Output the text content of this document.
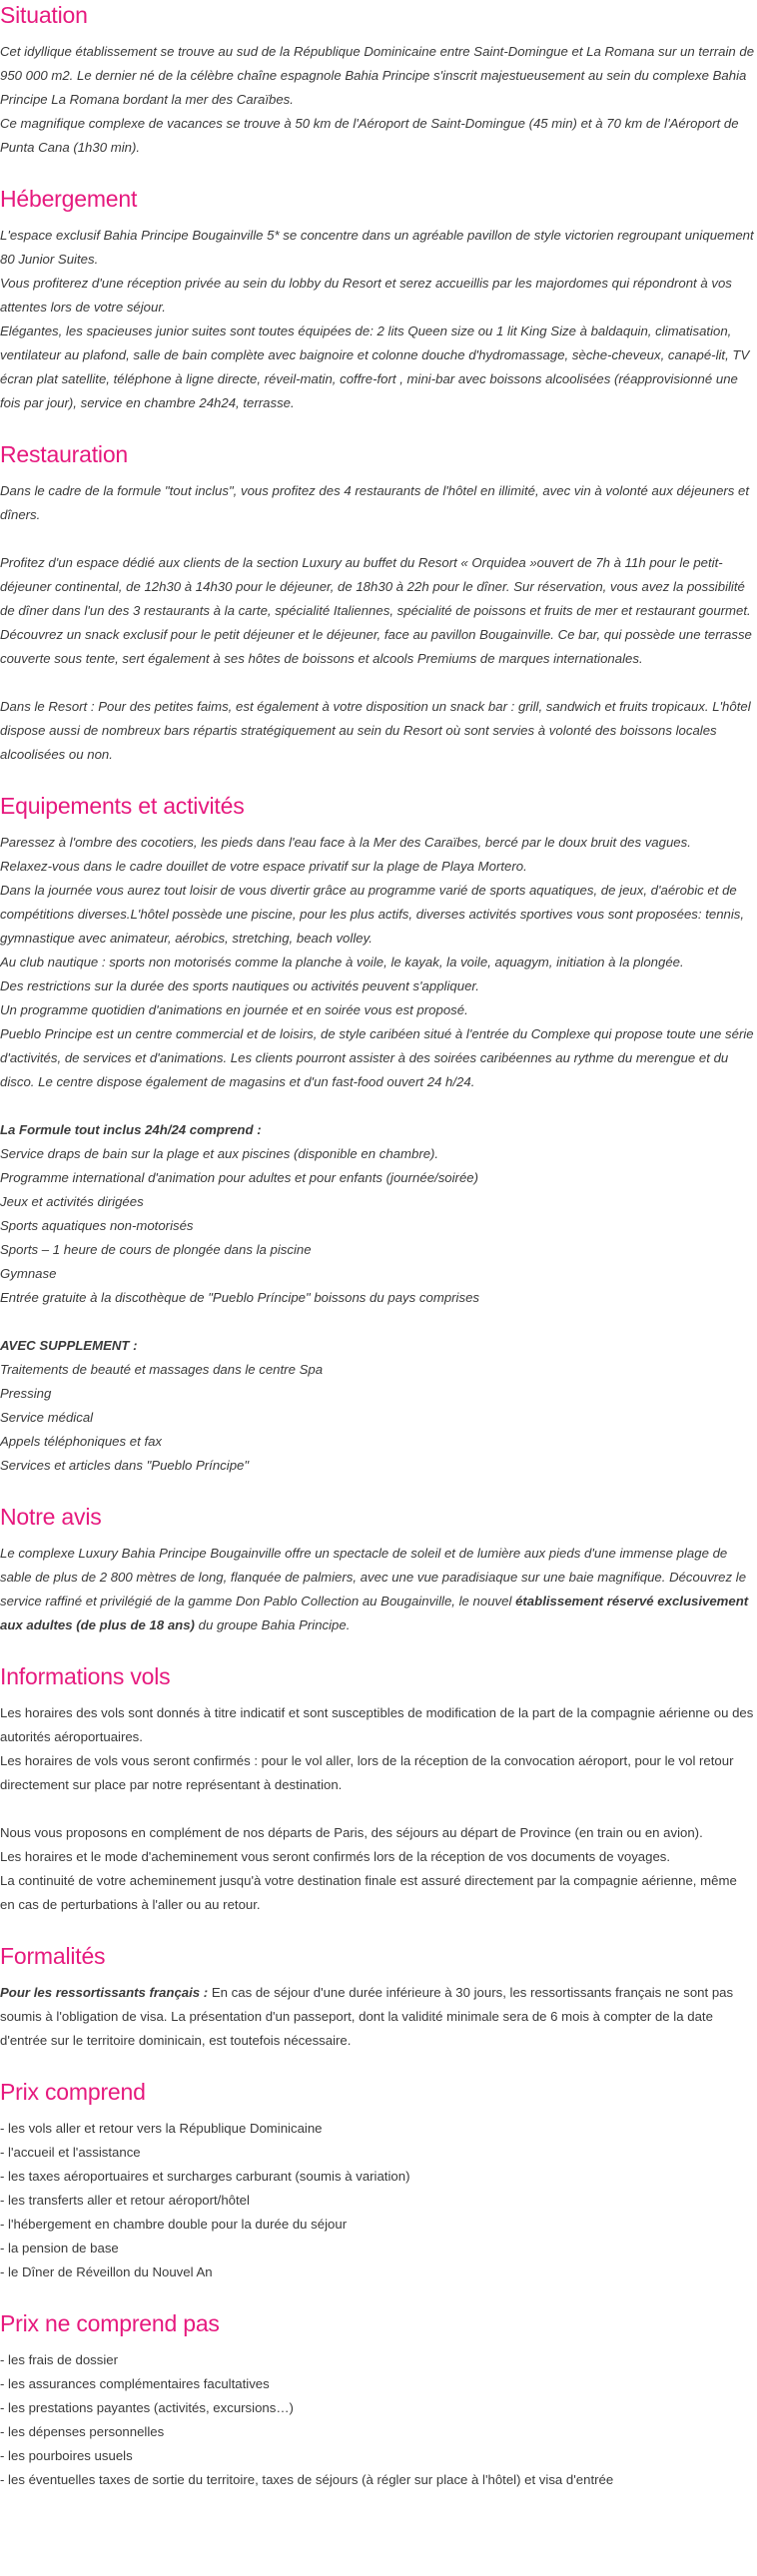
Situation

Cet idyllique établissement se trouve au sud de la République Dominicaine entre Saint-Domingue et La Romana sur un terrain de 950 000 m2. Le dernier né de la célèbre chaîne espagnole Bahia Principe s'inscrit majestueusement au sein du complexe Bahia Principe La Romana bordant la mer des Caraïbes.

Ce magnifique complexe de vacances se trouve à 50 km de l'Aéroport de Saint-Domingue (45 min) et à 70 km de l'Aéroport de Punta Cana (1h30 min).

Hébergement

L'espace exclusif Bahia Principe Bougainville 5* se concentre dans un agréable pavillon de style victorien regroupant uniquement 80 Junior Suites.

Vous profiterez d'une réception privée au sein du lobby du Resort et serez accueillis par les majordomes qui répondront à vos attentes lors de votre séjour.

Elégantes, les spacieuses junior suites sont toutes équipées de: 2 lits Queen size ou 1 lit King Size à baldaquin, climatisation, ventilateur au plafond, salle de bain complète avec baignoire et colonne douche d'hydromassage, sèche-cheveux, canapé-lit, TV écran plat satellite, téléphone à ligne directe, réveil-matin, coffre-fort , mini-bar avec boissons alcoolisées (réapprovisionné une fois par jour), service en chambre 24h24, terrasse.

Restauration

Dans le cadre de la formule "tout inclus", vous profitez des 4 restaurants de l'hôtel en illimité, avec vin à volonté aux déjeuners et dîners.

Profitez d'un espace dédié aux clients de la section Luxury au buffet du Resort « Orquidea »ouvert de 7h à 11h pour le petit-déjeuner continental, de 12h30 à 14h30 pour le déjeuner, de 18h30 à 22h pour le dîner. Sur réservation, vous avez la possibilité de dîner dans l'un des 3 restaurants à la carte, spécialité Italiennes, spécialité de poissons et fruits de mer et restaurant gourmet. Découvrez un snack exclusif pour le petit déjeuner et le déjeuner, face au pavillon Bougainville. Ce bar, qui possède une terrasse couverte sous tente, sert également à ses hôtes de boissons et alcools Premiums de marques internationales.

Dans le Resort : Pour des petites faims, est également à votre disposition un snack bar : grill, sandwich et fruits tropicaux. L'hôtel dispose aussi de nombreux bars répartis stratégiquement au sein du Resort où sont servies à volonté des boissons locales alcoolisées ou non.

Equipements et activités

Paressez à l'ombre des cocotiers, les pieds dans l'eau face à la Mer des Caraïbes, bercé par le doux bruit des vagues.

Relaxez-vous dans le cadre douillet de votre espace privatif sur la plage de Playa Mortero.

Dans la journée vous aurez tout loisir de vous divertir grâce au programme varié de sports aquatiques, de jeux, d'aérobic et de compétitions diverses.L'hôtel possède une piscine, pour les plus actifs, diverses activités sportives vous sont proposées: tennis, gymnastique avec animateur, aérobics, stretching, beach volley.

Au club nautique : sports non motorisés comme la planche à voile, le kayak, la voile, aquagym, initiation à la plongée.

Des restrictions sur la durée des sports nautiques ou activités peuvent s'appliquer.

Un programme quotidien d'animations en journée et en soirée vous est proposé.

Pueblo Principe est un centre commercial et de loisirs, de style caribéen situé à l'entrée du Complexe qui propose toute une série d'activités, de services et d'animations. Les clients pourront assister à des soirées caribéennes au rythme du merengue et du disco. Le centre dispose également de magasins et d'un fast-food ouvert 24 h/24.

La Formule tout inclus 24h/24 comprend :

Service draps de bain sur la plage et aux piscines (disponible en chambre).

Programme international d'animation pour adultes et pour enfants (journée/soirée)

Jeux et activités dirigées

Sports aquatiques non-motorisés

Sports – 1 heure de cours de plongée dans la piscine

Gymnase

Entrée gratuite à la discothèque de "Pueblo Príncipe" boissons du pays comprises

AVEC SUPPLEMENT :

Traitements de beauté et massages dans le centre Spa

Pressing

Service médical

Appels téléphoniques et fax

Services et articles dans "Pueblo Príncipe"

Notre avis

Le complexe Luxury Bahia Principe Bougainville offre un spectacle de soleil et de lumière aux pieds d'une immense plage de sable de plus de 2 800 mètres de long, flanquée de palmiers, avec une vue paradisiaque sur une baie magnifique. Découvrez le service raffiné et privilégié de la gamme Don Pablo Collection au Bougainville, le nouvel établissement réservé exclusivement aux adultes (de plus de 18 ans) du groupe Bahia Principe.

Informations vols

Les horaires des vols sont donnés à titre indicatif et sont susceptibles de modification de la part de la compagnie aérienne ou des autorités aéroportuaires.

Les horaires de vols vous seront confirmés : pour le vol aller, lors de la réception de la convocation aéroport, pour le vol retour directement sur place par notre représentant à destination.

Nous vous proposons en complément de nos départs de Paris, des séjours au départ de Province (en train ou en avion).

Les horaires et le mode d'acheminement vous seront confirmés lors de la réception de vos documents de voyages.

La continuité de votre acheminement jusqu'à votre destination finale est assuré directement par la compagnie aérienne, même en cas de perturbations à l'aller ou au retour.

Formalités

Pour les ressortissants français : En cas de séjour d'une durée inférieure à 30 jours, les ressortissants français ne sont pas soumis à l'obligation de visa. La présentation d'un passeport, dont la validité minimale sera de 6 mois à compter de la date d'entrée sur le territoire dominicain, est toutefois nécessaire.

Prix comprend

- les vols aller et retour vers la République Dominicaine

- l'accueil et l'assistance

- les taxes aéroportuaires et surcharges carburant (soumis à variation)

- les transferts aller et retour aéroport/hôtel

- l'hébergement en chambre double pour la durée du séjour

- la pension de base

- le Dîner de Réveillon du Nouvel An

Prix ne comprend pas

- les frais de dossier

- les assurances complémentaires facultatives

- les prestations payantes (activités, excursions…)

- les dépenses personnelles

- les pourboires usuels

- les éventuelles taxes de sortie du territoire, taxes de séjours (à régler sur place à l'hôtel) et visa d'entrée
